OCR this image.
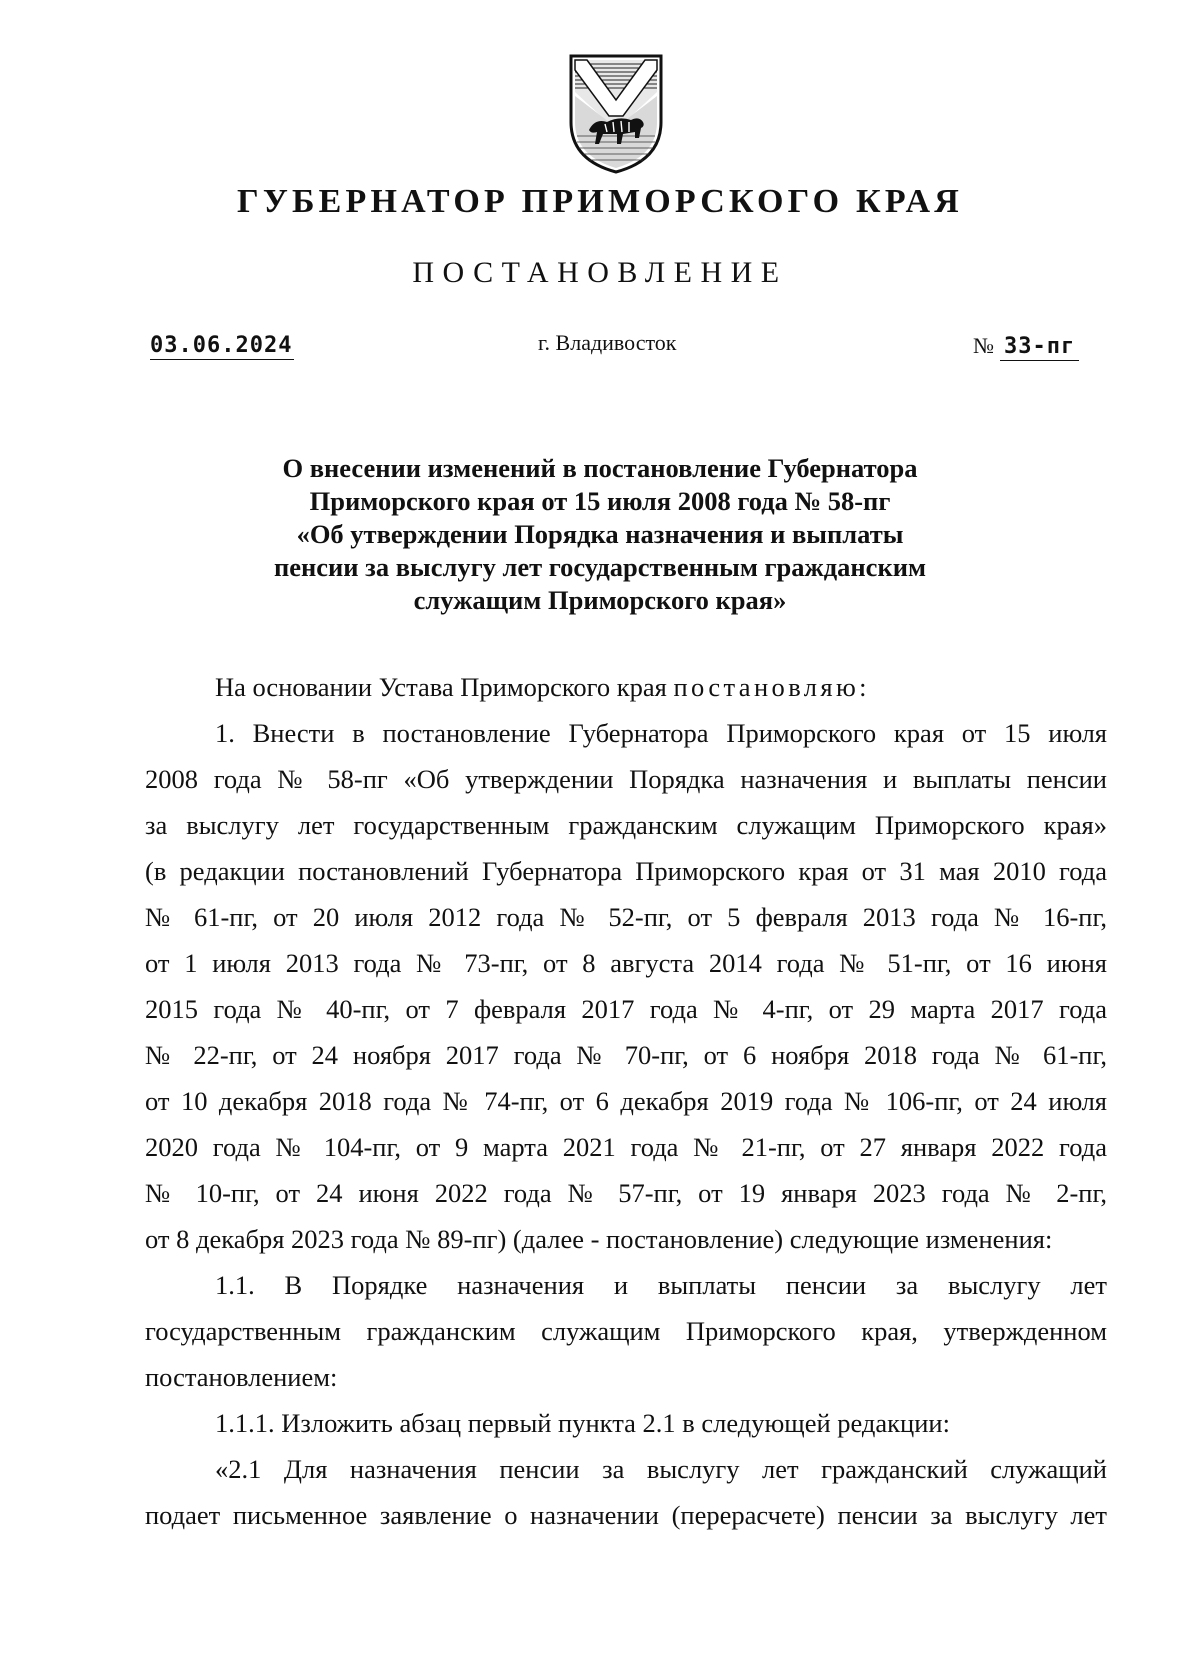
ГУБЕРНАТОР ПРИМОРСКОГО КРАЯ
ПОСТАНОВЛЕНИЕ
03.06.2024	г. Владивосток	№ 33-пг
О внесении изменений в постановление Губернатора
Приморского края от 15 июля 2008 года № 58-пг
«Об утверждении Порядка назначения и выплаты
пенсии за выслугу лет государственным гражданским
служащим Приморского края»
На основании Устава Приморского края постановляю:
1. Внести в постановление Губернатора Приморского края от 15 июля
2008 года № 58-пг «Об утверждении Порядка назначения и выплаты пенсии
за выслугу лет государственным гражданским служащим Приморского края»
(в редакции постановлений Губернатора Приморского края от 31 мая 2010 года
№ 61-пг, от 20 июля 2012 года № 52-пг, от 5 февраля 2013 года № 16-пг,
от 1 июля 2013 года № 73-пг, от 8 августа 2014 года № 51-пг, от 16 июня
2015 года № 40-пг, от 7 февраля 2017 года № 4-пг, от 29 марта 2017 года
№ 22-пг, от 24 ноября 2017 года № 70-пг, от 6 ноября 2018 года № 61-пг,
от 10 декабря 2018 года № 74-пг, от 6 декабря 2019 года № 106-пг, от 24 июля
2020 года № 104-пг, от 9 марта 2021 года № 21-пг, от 27 января 2022 года
№ 10-пг, от 24 июня 2022 года № 57-пг, от 19 января 2023 года № 2-пг,
от 8 декабря 2023 года № 89-пг) (далее - постановление) следующие изменения:
1.1. В Порядке назначения и выплаты пенсии за выслугу лет
государственным гражданским служащим Приморского края, утвержденном
постановлением:
1.1.1. Изложить абзац первый пункта 2.1 в следующей редакции:
«2.1 Для назначения пенсии за выслугу лет гражданский служащий
подает письменное заявление о назначении (перерасчете) пенсии за выслугу лет
